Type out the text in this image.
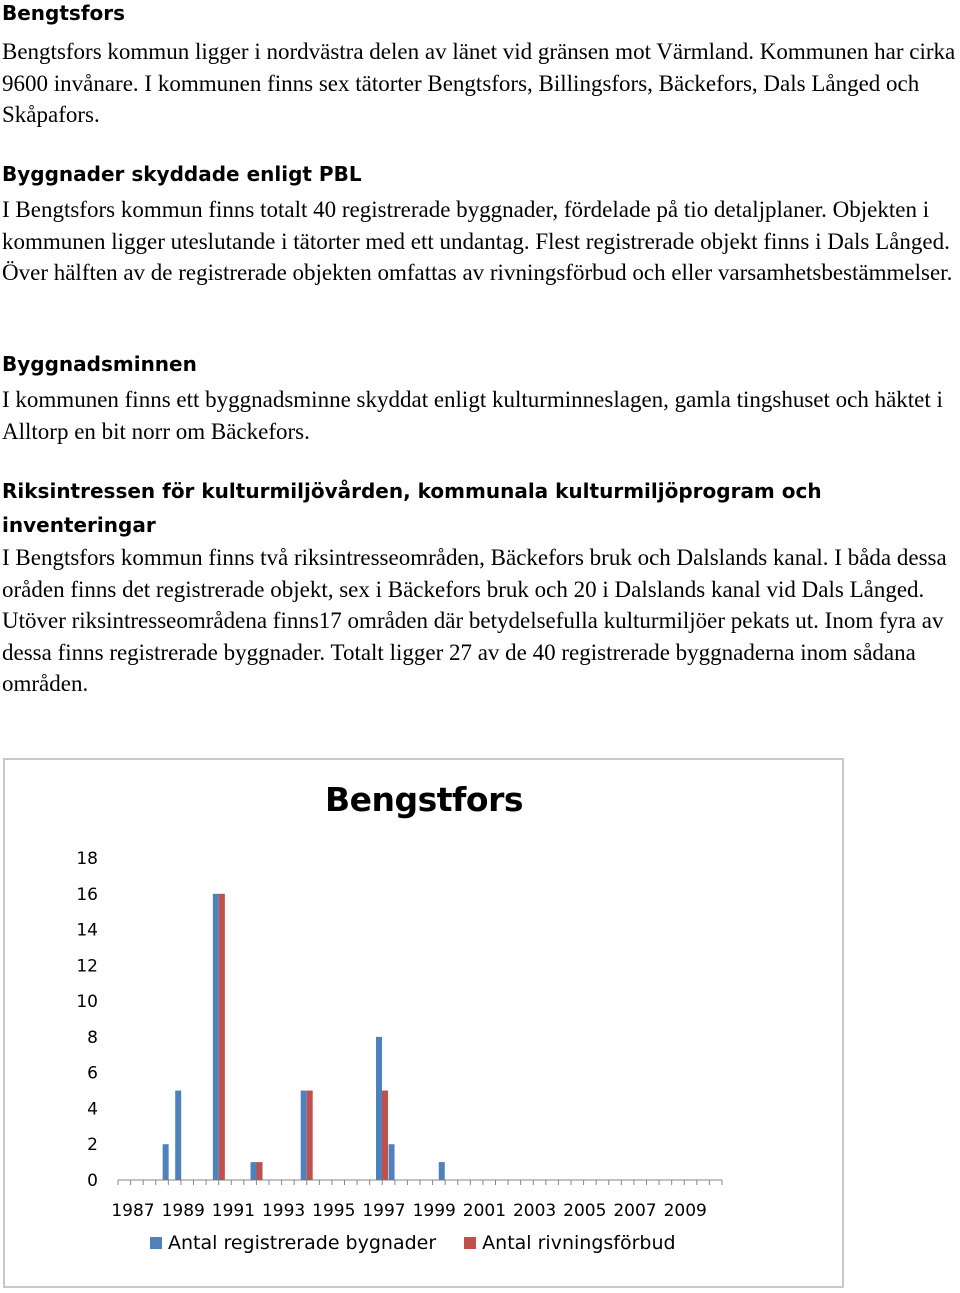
Bengtsfors

Bengtsfors kommun ligger i nordvästra delen av länet vid gränsen mot Värmland. Kommunen har cirka 9600 invånare. I kommunen finns sex tätorter Bengtsfors, Billingsfors, Bäckefors, Dals Långed och Skåpafors.

Byggnader skyddade enligt PBL

I Bengtsfors kommun finns totalt 40 registrerade byggnader, fördelade på tio detaljplaner. Objekten i kommunen ligger uteslutande i tätorter med ett undantag. Flest registrerade objekt finns i Dals Långed. Över hälften av de registrerade objekten omfattas av rivningsförbud och eller varsamhetsbestämmelser.

Byggnadsminnen

I kommunen finns ett byggnadsminne skyddat enligt kulturminneslagen, gamla tingshuset och häktet i Alltorp en bit norr om Bäckefors.

Riksintressen för kulturmiljövården, kommunala kulturmiljöprogram och inventeringar

I Bengtsfors kommun finns två riksintresseområden, Bäckefors bruk och Dalslands kanal. I båda dessa oråden finns det registrerade objekt, sex i Bäckefors bruk och 20 i Dalslands kanal vid Dals Långed. Utöver riksintresseområdena finns17 områden där betydelsefulla kulturmiljöer pekats ut. Inom fyra av dessa finns registrerade byggnader. Totalt ligger 27 av de 40 registrerade byggnaderna inom sådana områden.

Bengstfors
0
2
4
6
8
10
12
14
16
18
1987 1989 1991 1993 1995 1997 1999 2001 2003 2005 2007 2009
Antal registrerade bygnader Antal rivningsförbud
